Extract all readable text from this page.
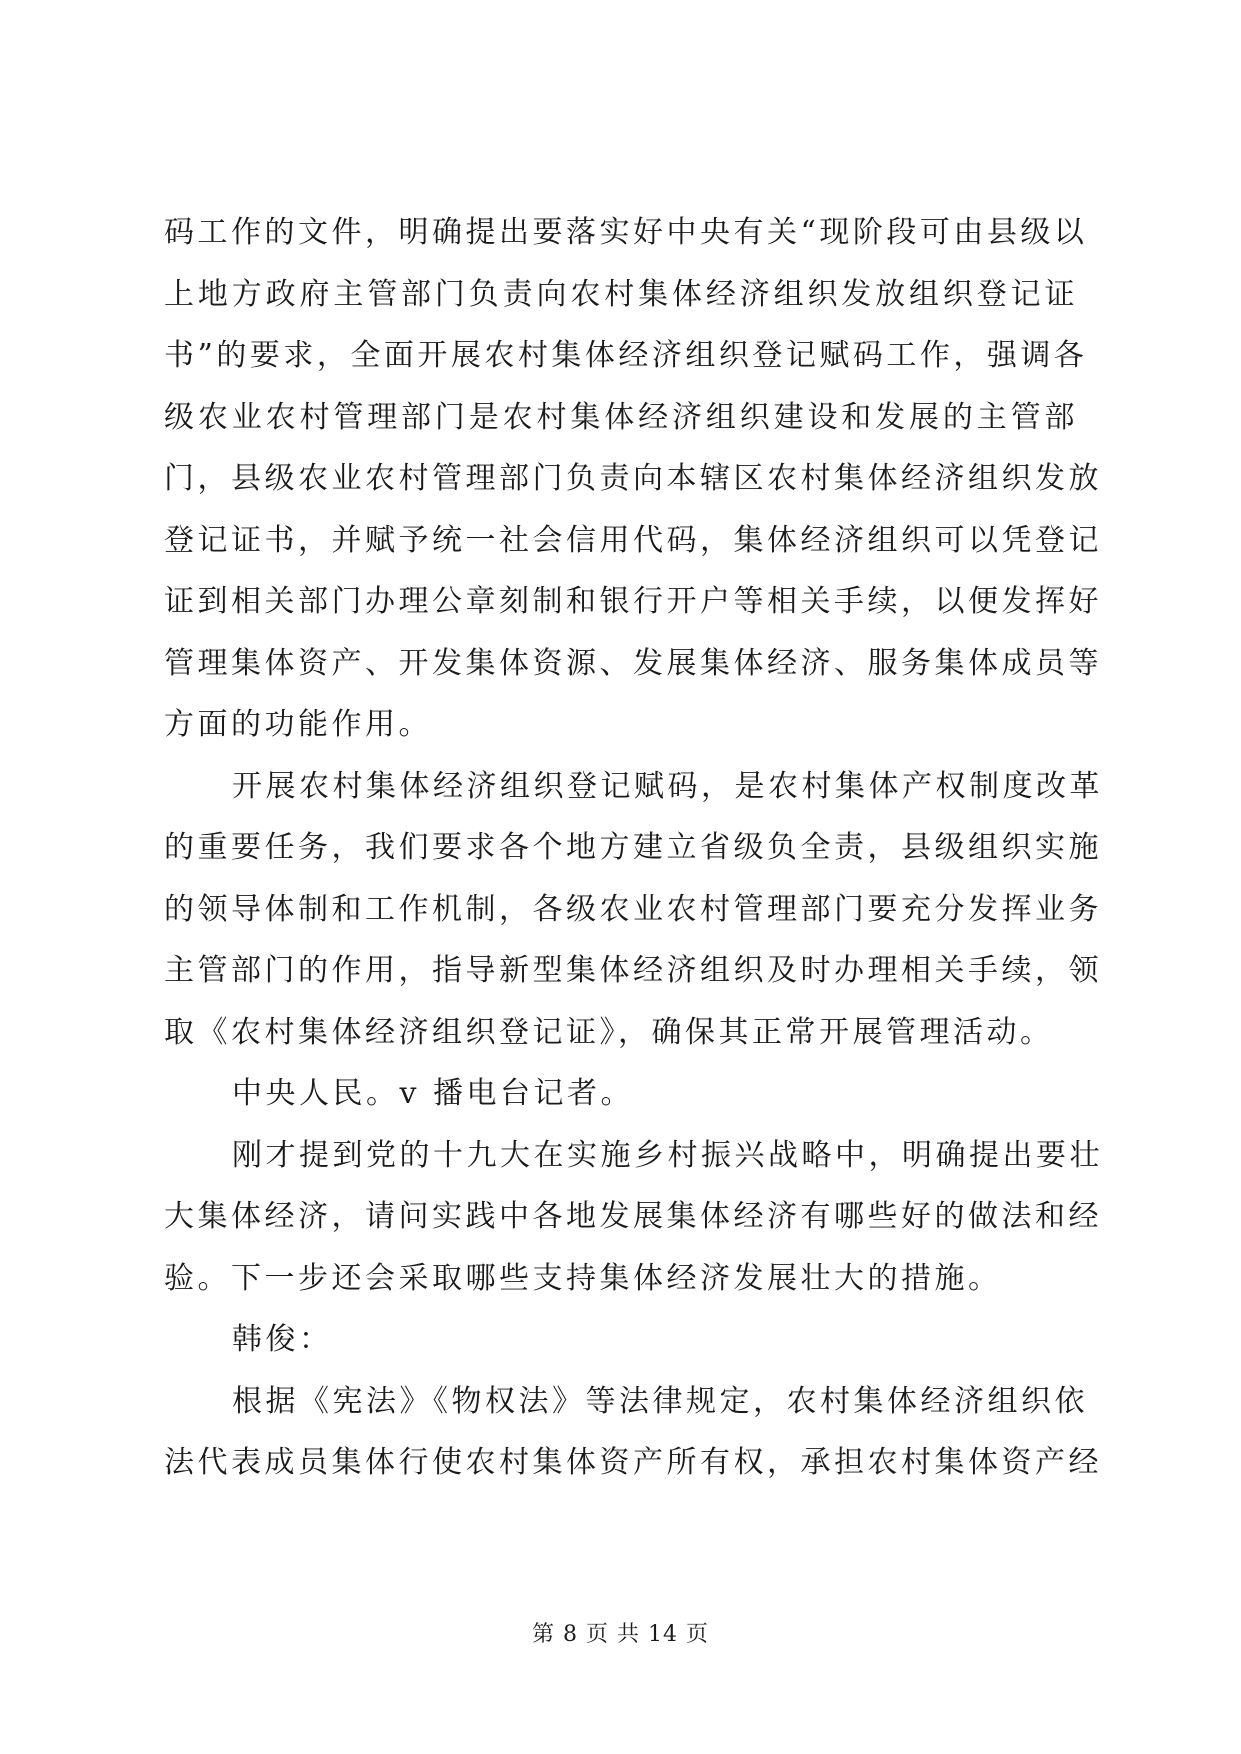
码工作的文件，明确提出要落实好中央有关“现阶段可由县级以
上地方政府主管部门负责向农村集体经济组织发放组织登记证
书”的要求，全面开展农村集体经济组织登记赋码工作，强调各
级农业农村管理部门是农村集体经济组织建设和发展的主管部
门，县级农业农村管理部门负责向本辖区农村集体经济组织发放
登记证书，并赋予统一社会信用代码，集体经济组织可以凭登记
证到相关部门办理公章刻制和银行开户等相关手续，以便发挥好
管理集体资产、开发集体资源、发展集体经济、服务集体成员等
方面的功能作用。

开展农村集体经济组织登记赋码，是农村集体产权制度改革
的重要任务，我们要求各个地方建立省级负全责，县级组织实施
的领导体制和工作机制，各级农业农村管理部门要充分发挥业务
主管部门的作用，指导新型集体经济组织及时办理相关手续，领
取《农村集体经济组织登记证》，确保其正常开展管理活动。

中央人民。v 播电台记者。

刚才提到党的十九大在实施乡村振兴战略中，明确提出要壮
大集体经济，请问实践中各地发展集体经济有哪些好的做法和经
验。下一步还会采取哪些支持集体经济发展壮大的措施。

韩俊：

根据《宪法》《物权法》等法律规定，农村集体经济组织依
法代表成员集体行使农村集体资产所有权，承担农村集体资产经

第 8 页 共 14 页
